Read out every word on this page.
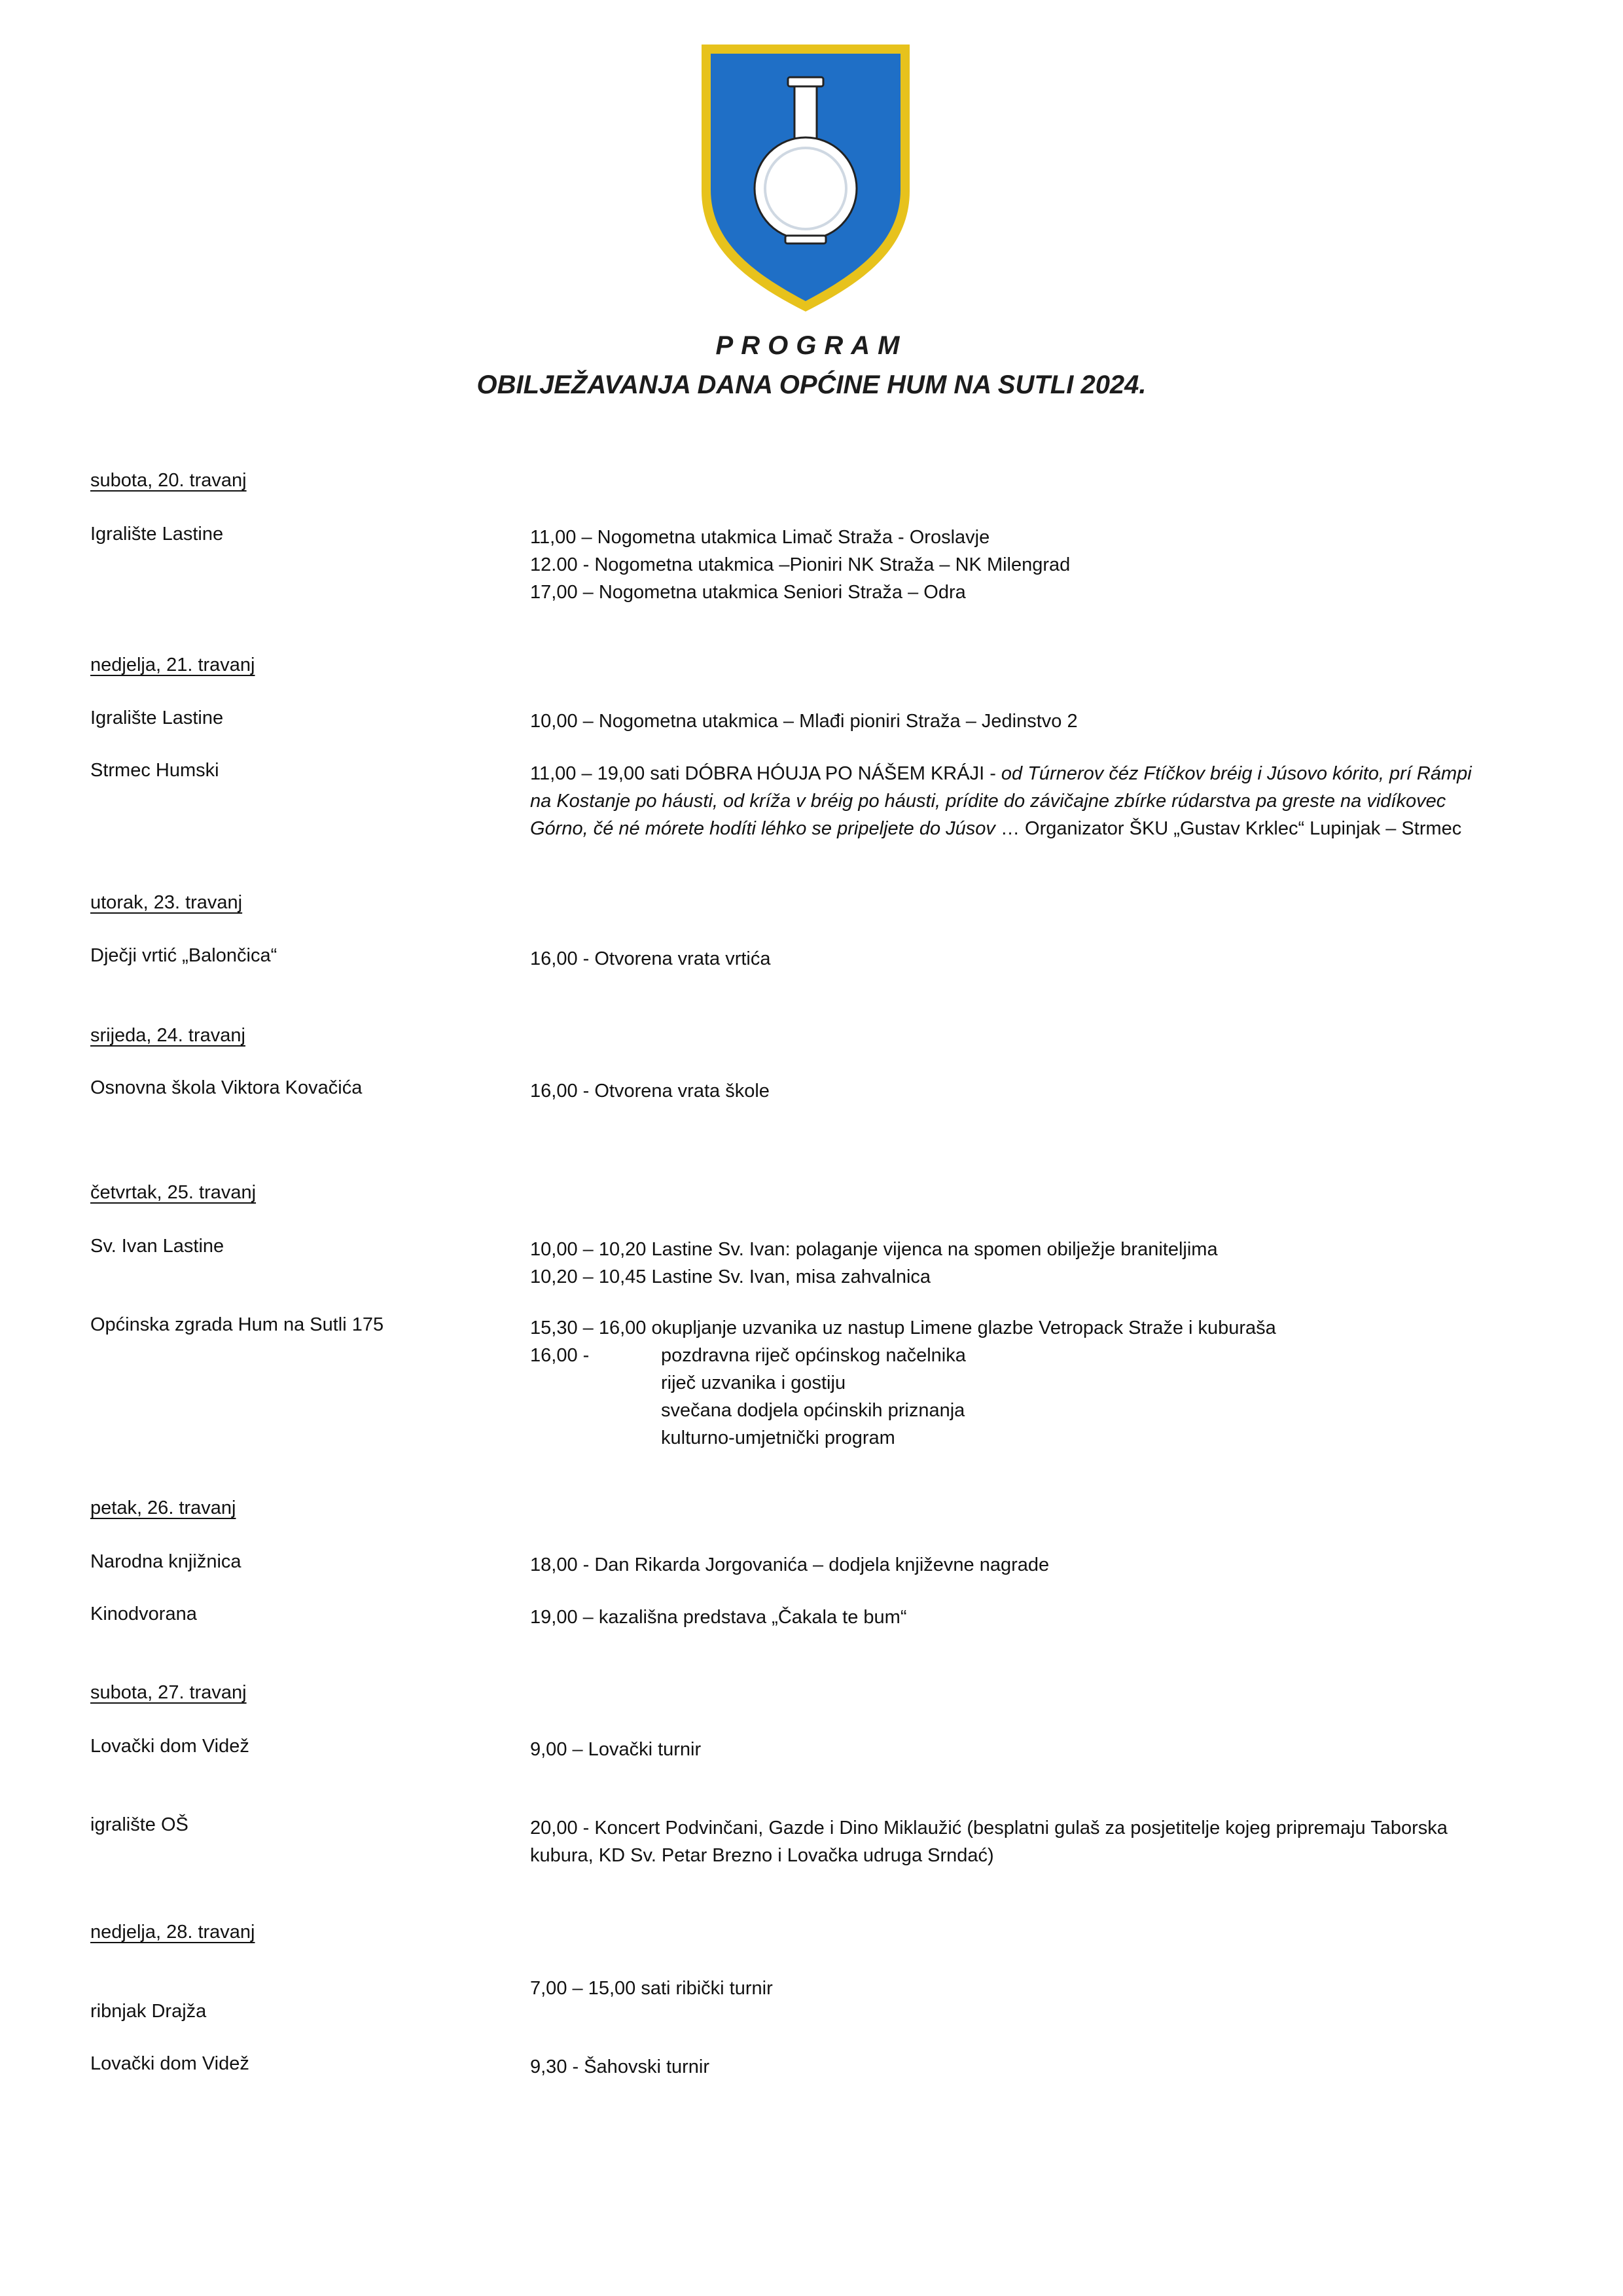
PROGRAM
OBILJEŽAVANJA DANA OPĆINE HUM NA SUTLI 2024.
subota, 20. travanj
nedjelja, 21. travanj
utorak, 23. travanj
srijeda, 24. travanj
četvrtak, 25. travanj
petak, 26. travanj
subota, 27. travanj
nedjelja, 28. travanj
Igralište Lastine
Igralište Lastine
Strmec Humski
Dječji vrtić „Balončica“
Osnovna škola Viktora Kovačića
Sv. Ivan Lastine
Općinska zgrada Hum na Sutli 175
Narodna knjižnica
Kinodvorana
Lovački dom Videž
igralište OŠ
ribnjak Drajža
Lovački dom Videž
11,00 – Nogometna utakmica Limač Straža - Oroslavje
12.00 - Nogometna utakmica –Pioniri NK Straža – NK Milengrad
17,00 – Nogometna utakmica Seniori Straža – Odra
10,00 – Nogometna utakmica – Mlađi pioniri Straža – Jedinstvo 2
11,00 – 19,00 sati DÓBRA HÓUJA PO NÁŠEM KRÁJI - od Túrnerov čéz Ftíčkov bréig i Júsovo kórito, prí Rámpi
na Kostanje po háusti, od kríža v bréig po háusti, prídite do závičajne zbírke rúdarstva pa greste na vidíkovec
Górno, čé né mórete hodíti léhko se pripeljete do Júsov … Organizator ŠKU „Gustav Krklec“ Lupinjak – Strmec
16,00 - Otvorena vrata vrtića
16,00 - Otvorena vrata škole
10,00 – 10,20 Lastine Sv. Ivan: polaganje vijenca na spomen obilježje braniteljima
10,20 – 10,45 Lastine Sv. Ivan, misa zahvalnica
15,30 – 16,00 okupljanje uzvanika uz nastup Limene glazbe Vetropack Straže i kuburaša
16,00 -	pozdravna riječ općinskog načelnika
riječ uzvanika i gostiju
svečana dodjela općinskih priznanja
kulturno-umjetnički program
18,00 - Dan Rikarda Jorgovanića – dodjela književne nagrade
19,00 – kazališna predstava „Čakala te bum“
9,00 – Lovački turnir
20,00 - Koncert Podvinčani, Gazde i Dino Miklaužić (besplatni gulaš za posjetitelje kojeg pripremaju Taborska
kubura, KD Sv. Petar Brezno i Lovačka udruga Srndać)
7,00 – 15,00 sati ribički turnir
9,30 - Šahovski turnir
